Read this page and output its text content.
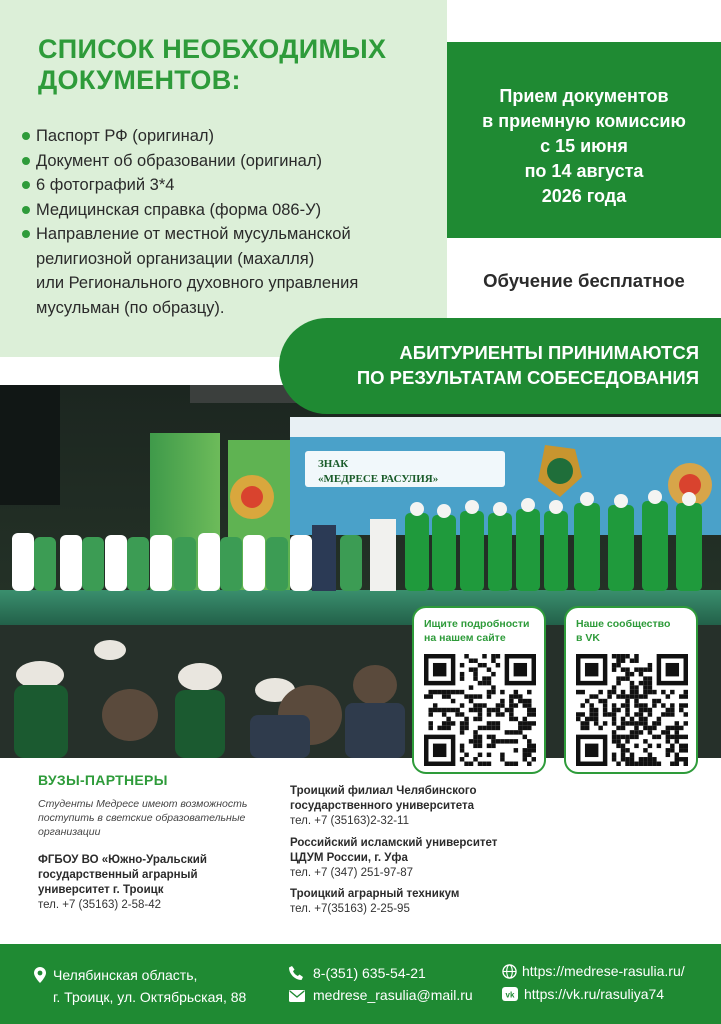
СПИСОК НЕОБХОДИМЫХ
ДОКУМЕНТОВ:
Паспорт РФ (оригинал)
Документ об образовании (оригинал)
6 фотографий 3*4
Медицинская справка (форма 086-У)
Направление от местной мусульманской
религиозной организации (махалля)
или Регионального духовного управления
мусульман (по образцу).
Прием документов
в приемную комиссию
с 15 июня
по 14 августа
2026 года
Обучение бесплатное
АБИТУРИЕНТЫ ПРИНИМАЮТСЯ
ПО РЕЗУЛЬТАТАМ СОБЕСЕДОВАНИЯ
ЗНАК
«МЕДРЕСЕ РАСУЛИЯ»
Ищите подробности
на нашем сайте
Наше сообщество
в VK
ВУЗЫ-ПАРТНЕРЫ
Студенты Медресе имеют возможность
поступить в светские образовательные
организации
ФГБОУ ВО «Южно-Уральский
государственный аграрный
университет г. Троицк
тел. +7 (35163) 2-58-42
Троицкий филиал Челябинского
государственного университета
тел. +7 (35163)2-32-11
Российский исламский университет
ЦДУМ России, г. Уфа
тел. +7 (347) 251-97-87
Троицкий аграрный техникум
тел. +7(35163) 2-25-95
Челябинская область,
г. Троицк, ул. Октябрьская, 88
8-(351) 635-54-21
medrese_rasulia@mail.ru
https://medrese-rasulia.ru/
vk https://vk.ru/rasuliya74
